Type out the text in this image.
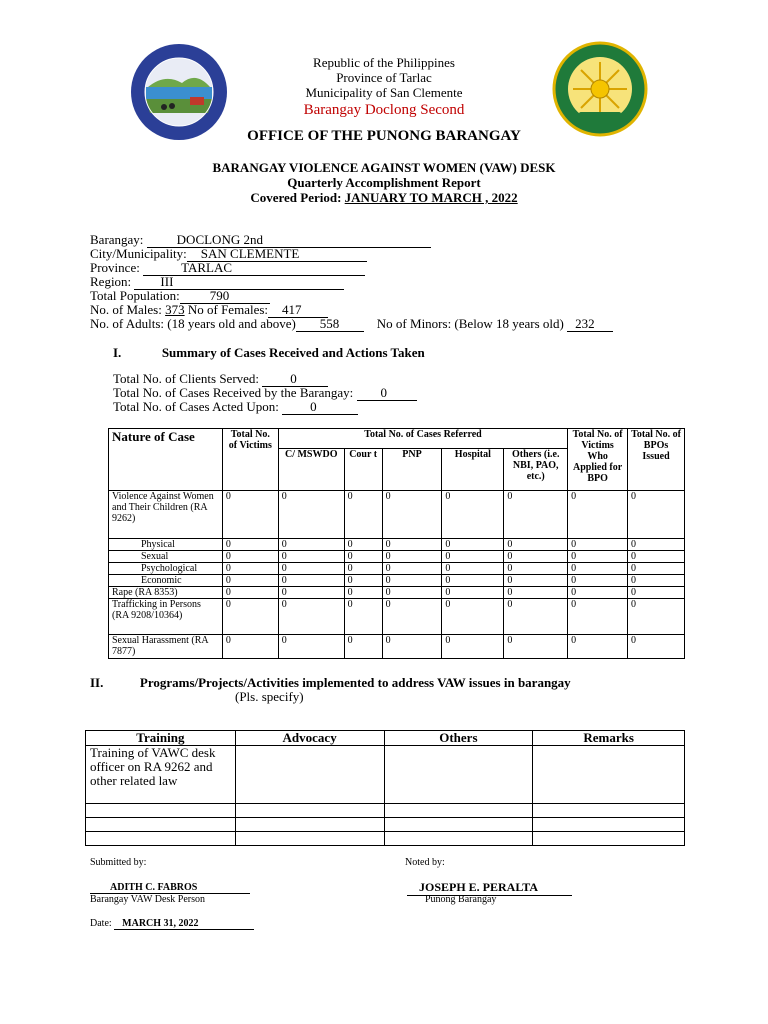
Republic of the Philippines
Province of Tarlac
Municipality of San Clemente
Barangay Doclong Second
OFFICE OF THE PUNONG BARANGAY
BARANGAY VIOLENCE AGAINST WOMEN (VAW) DESK
Quarterly Accomplishment Report
Covered Period: JANUARY TO MARCH , 2022
Barangay: DOCLONG 2nd
City/Municipality: SAN CLEMENTE
Province:	TARLAC
Region: III
Total Population: 790
No. of Males: 373 No of Females: 417
No. of Adults: (18 years old and above) 558	No of Minors: (Below 18 years old) 232
I.	Summary of Cases Received and Actions Taken
Total No. of Clients Served: 0
Total No. of Cases Received by the Barangay: 0
Total No. of Cases Acted Upon: 0
Nature of Case	Total No. of Victims	Total No. of Cases Referred					Total No. of Victims Who Applied for BPO	Total No. of BPOs Issued
		C/ MSWDO	Cour t	PNP	Hospital	Others (i.e. NBI, PAO, etc.)		
Violence Against Women and Their Children (RA 9262)	0	0	0	0	0	0	0	0
Physical	0	0	0	0	0	0	0	0
Sexual	0	0	0	0	0	0	0	0
Psychological	0	0	0	0	0	0	0	0
Economic	0	0	0	0	0	0	0	0
Rape (RA 8353)	0	0	0	0	0	0	0	0
Trafficking in Persons (RA 9208/10364)	0	0	0	0	0	0	0	0
Sexual Harassment (RA 7877)	0	0	0	0	0	0	0	0
II.	Programs/Projects/Activities implemented to address VAW issues in barangay
(Pls. specify)
Training	Advocacy	Others	Remarks
Training of VAWC desk officer on RA 9262 and other related law			

Submitted by:	Noted by:
ADITH C. FABROS
Barangay VAW Desk Person
JOSEPH E. PERALTA
Punong Barangay
Date: MARCH 31, 2022
